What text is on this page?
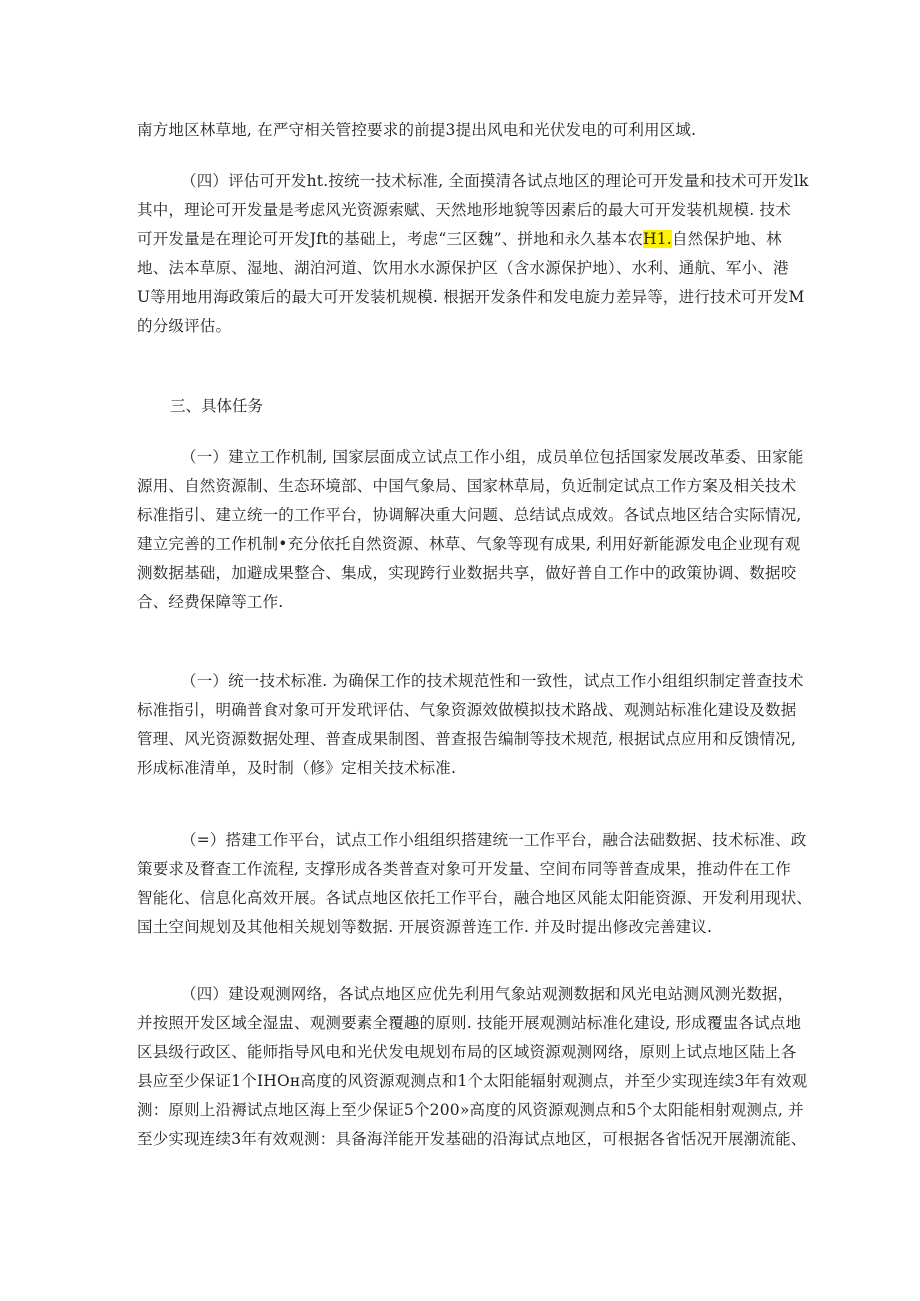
南方地区林草地, 在严守相关管控要求的前提3提出风电和光伏发电的可利用区域.
（四）评估可开发ht.按统一技术标准, 全面摸清各试点地区的理论可开发量和技术可开发lk
其中，理论可开发量是考虑风光资源索赋、天然地形地貌等因素后的最大可开发装机规模. 技术
可开发量是在理论可开发Jft的基础上，考虑“三区魏”、拼地和永久基本农H1.自然保护地、林
地、法本草原、湿地、湖泊河道、饮用水水源保护区（含水源保护地）、水利、通航、军小、港
U等用地用海政策后的最大可开发装机规模. 根据开发条件和发电旋力差异等，进行技术可开发M
的分级评估。
三、具体任务
（一）建立工作机制, 国家层面成立试点工作小组，成员单位包括国家发展改革委、田家能
源用、自然资源制、生态环境部、中国气象局、国家林草局，负近制定试点工作方案及相关技术
标准指引、建立统一的工作平台，协调解决重大问题、总结试点成效。各试点地区结合实际情况,
建立完善的工作机制•充分依托自然资源、林草、气象等现有成果, 利用好新能源发电企业现有观
测数据基础，加避成果整合、集成，实现跨行业数据共享，做好普自工作中的政策协调、数据咬
合、经费保障等工作.
（一）统一技术标准. 为确保工作的技术规范性和一致性，试点工作小组组织制定普查技术
标准指引，明确普食对象可开发玳评估、气象资源效做模拟技术路战、观测站标准化建设及数据
管理、风光资源数据处理、普查成果制图、普查报告编制等技术规范, 根据试点应用和反馈情况,
形成标准清单，及时制（修》定相关技术标准.
（=）搭建工作平台，试点工作小组组织搭建统一工作平台，融合法础数据、技术标准、政
策要求及瞀查工作流程, 支撑形成各类普查对象可开发量、空间布同等普查成果，推动件在工作
智能化、信息化高效开展。各试点地区依托工作平台，融合地区风能太阳能资源、开发利用现状、
国土空间规划及其他相关规划等数据. 开展资源普连工作. 并及时提出修改完善建议.
（四）建设观测网络，各试点地区应优先利用气象站观测数据和风光电站测风测光数据，
并按照开发区域全湿盅、观测要素全覆趣的原则. 技能开展观测站标准化建设, 形成覆盅各试点地
区县级行政区、能师指导风电和光伏发电规划布局的区域资源观测网络，原则上试点地区陆上各
县应至少保证1个IHOн高度的风资源观测点和1个太阳能辐射观测点，并至少实现连续3年有效观
测：原则上沿褥试点地区海上至少保证5个200»高度的风资源观测点和5个太阳能相射观测点, 并
至少实现连续3年有效观测：具备海洋能开发基础的沿海试点地区，可根据各省恬况开展潮流能、
